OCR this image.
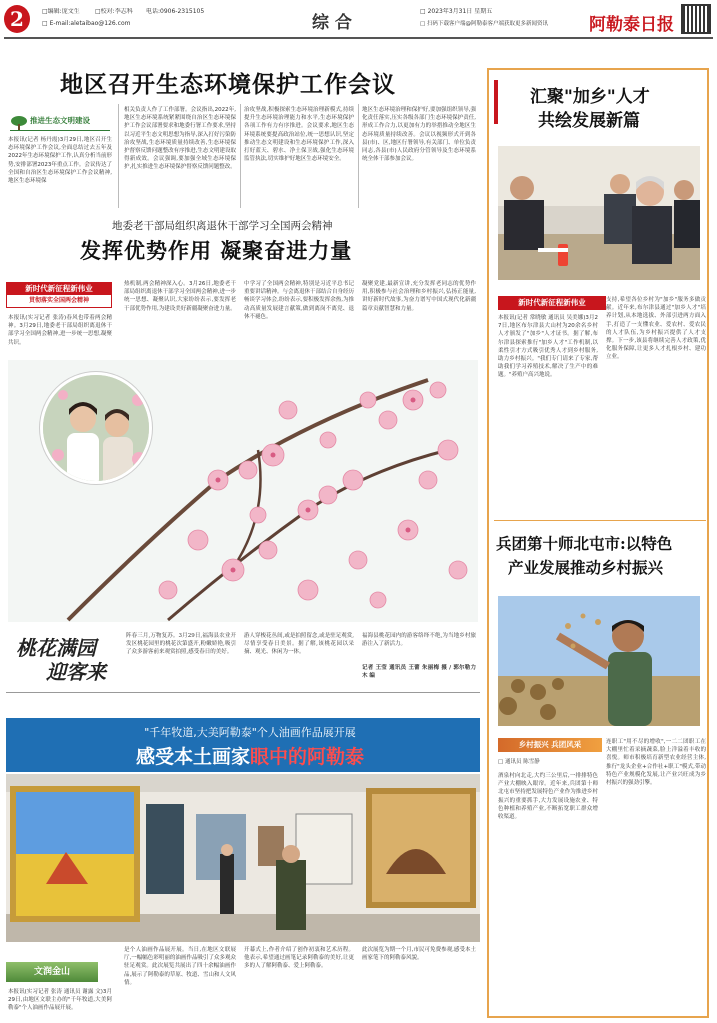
2	□编辑:庞文生	□校对:李志科	电话:0906-2315105
□ E-mail:aletaibao@126.com	综 合
□ 2023年3月31日 星期五
□ 扫码下载客户端@阿勒泰客户端获取更多新闻资讯	阿勒泰日报
地区召开生态环境保护工作会议
推进生态文明建设
本报讯(记者 杨丹霞)3月29日,地区召开生态环境保护工作会议,全面总结过去五年及2022年生态环境保护工作,认真分析当前形势,安排部署2023年重点工作。会议传达了全国和自治区生态环境保护工作会议精神,地区生态环境保
相关负责人作了工作部署。会议指出,2022年,地区生态环境系统紧紧围绕自治区生态环境保护工作会议部署要求和地委行署工作要求,坚持以习近平生态文明思想为指导,深入打好污染防治攻坚战,生态环境质量持续改善,生态环境保护督察反馈问题整改有序推进,生态文明建设取得新成效。会议强调,要加强全域生态环境保护,扎实推进生态环境保护督察反馈问题整改。
治攻坚战,积极探索生态环境治理新模式,持续提升生态环境治理能力和水平,生态环境保护各项工作有力有序推进。会议要求,地区生态环境系统要提高政治站位,统一思想认识,坚定推动生态文明建设和生态环境保护工作,深入打好蓝天、碧水、净土保卫战,强化生态环境监管执法,切实维护好地区生态环境安全。
地区生态环境治理和保护好,要加强组织领导,强化责任落实,压实各级各部门生态环境保护责任,形成工作合力,以更加有力的举措推动全地区生态环境质量持续改善。会议以视频形式开到各县(市)、区,地区行署领导,有关部门、单位负责同志,各县(市)人民政府分管领导及生态环境系统全体干部参加会议。
地委老干部局组织离退休干部学习全国两会精神
发挥优势作用 凝聚奋进力量
新时代新征程新伟业
贯彻落实全国两会精神
本报讯(实习记者 张涛)春风也带着两会精神。3月29日,地委老干部局组织离退休干部学习全国两会精神,进一步统一思想,凝聚共识。
热机制,两会精神深入心。3月26日,地委老干部局组织离退休干部学习全国两会精神,进一步统一思想、凝聚认识,大家纷纷表示,要发挥老干部优势作用,为建设美好新疆凝聚奋进力量。
中学习了全国两会精神,特别是习近平总书记重要讲话精神。与会离退休干部结合自身经历畅谈学习体会,纷纷表示,要积极发挥余热,为推动高质量发展建言献策,做到离岗不离党、退休不褪色。
凝聚党建,最新宣讲,充分发挥老同志的优势作用,积极参与社会治理和乡村振兴,弘扬正能量,讲好新时代故事,为奋力谱写中国式现代化新疆篇章贡献智慧和力量。
桃花满园
迎客来
阵春三月,万物复苏。3月29日,福海县农业开发区桃花园里的桃花次第盛开,粉嫩娇艳,吸引了众多游客前来观赏拍照,感受春日的美好。
游人穿梭花丛间,或是拍照留念,或是驻足观赏,尽情享受春日美景。据了解,该桃花园以采摘、观光、休闲为一体。
福海县桃花园内的游客络绎不绝,为当地乡村旅游注入了新活力。
记者 王莹 通讯员 王蕾 朱丽梅 摄 / 郭尔勒力木 编
"千年牧道,大美阿勒泰"个人油画作品展开展
感受本土画家眼中的阿勒泰
文润金山
本报讯(实习记者 张涛 通讯员 谢露 文)3月29日,由地区文联主办的"千年牧道,大美阿勒泰"个人油画作品展开展。
是个人油画作品展开展。当日,在地区文联展厅,一幅幅色彩明丽的油画作品吸引了众多观众驻足观赏。此次展览共展出了四十余幅油画作品,展示了阿勒泰的草原、牧道、雪山和人文风情。
开幕式上,作者介绍了创作初衷和艺术历程。他表示,希望通过画笔记录阿勒泰的美好,让更多的人了解阿勒泰、爱上阿勒泰。
此次展览为期一个月,市民可免费参观,感受本土画家笔下的阿勒泰风貌。
汇聚"加乡"人才
共绘发展新篇
新时代新征程新伟业
本报讯(记者 常晓敏 通讯员 吴美娜)3月27日,地区布尔津县大山村为20余名乡村人才颁发了"加乡"人才证书。据了解,布尔津县探索推行"加乡人才"工作机制,以柔性引才方式吸引优秀人才到乡村服务,助力乡村振兴。"我们专门请来了专家,帮助我们学习养殖技术,解决了生产中的难题。"养殖户高兴地说。
支持,希望各位乡村为"加乡"服务多做贡献。近年来,布尔津县通过"加乡人才"培养计划,从本地选拔、外部引进两方面入手,打造了一支懂农业、爱农村、爱农民的人才队伍,为乡村振兴提供了人才支撑。下一步,该县将继续完善人才政策,优化服务保障,让更多人才扎根乡村、建功立业。
兵团第十师北屯市:以特色
产业发展推动乡村振兴
乡村振兴 兵团风采
□ 通讯员 陈雪静
酒泉村向北走,大约三公里后,一排排特色产业大棚映入眼帘。近年来,兵团第十师北屯市坚持把发展特色产业作为推进乡村振兴的重要抓手,大力发展设施农业、特色种植和养殖产业,不断拓宽职工群众增收渠道。
连职工"用不尽的增收",一二二团职工在大棚里忙着采摘蔬菜,脸上洋溢着丰收的喜悦。师市积极培育新型农业经营主体,推行"龙头企业+合作社+职工"模式,带动特色产业规模化发展,让产业兴旺成为乡村振兴的强劲引擎。
